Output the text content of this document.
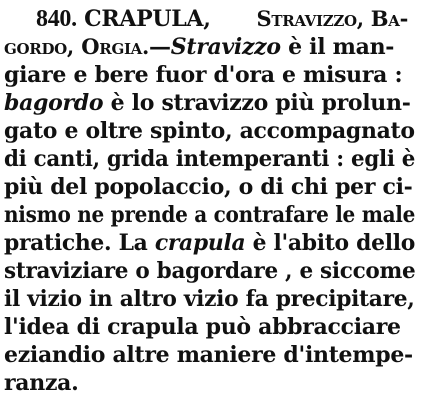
840. CRAPULA, Stravizzo, Ba-
gordo, Orgia.—Stravizzo è il man-
giare e bere fuor d'ora e misura :
bagordo è lo stravizzo più prolun-
gato e oltre spinto, accompagnato
di canti, grida intemperanti : egli è
più del popolaccio, o di chi per ci-
nismo ne prende a contrafare le male
pratiche. La crapula è l'abito dello
straviziare o bagordare , e siccome
il vizio in altro vizio fa precipitare,
l'idea di crapula può abbracciare
eziandio altre maniere d'intempe-
ranza.
